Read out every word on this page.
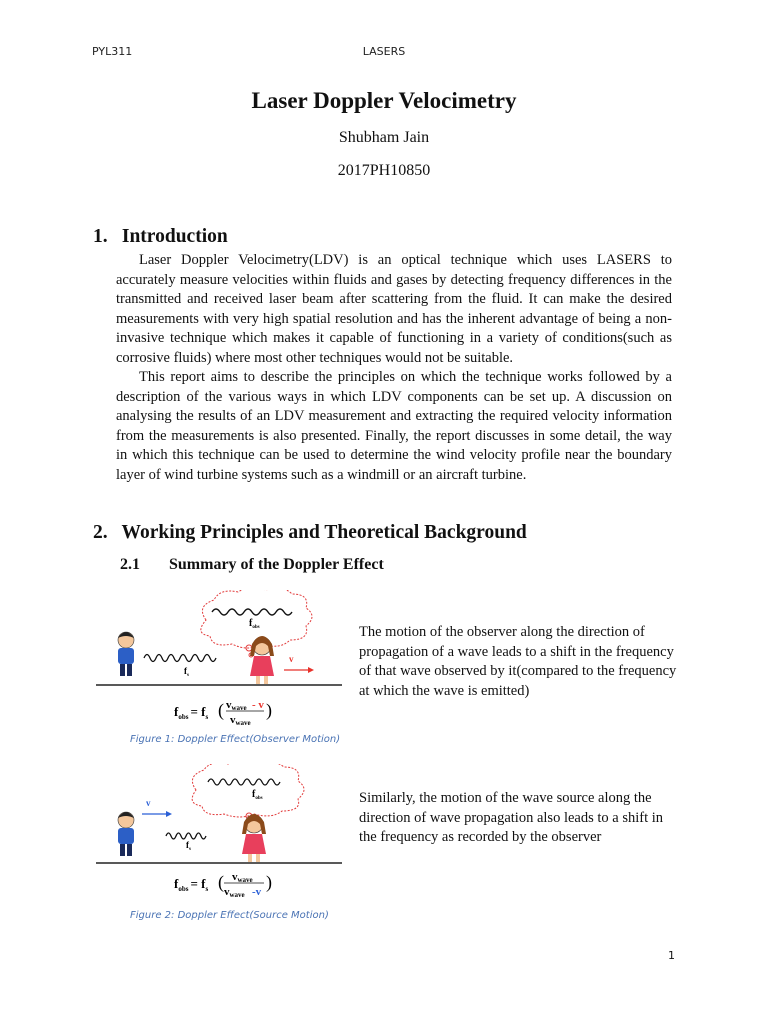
PYL311	LASERS
Laser Doppler Velocimetry
Shubham Jain
2017PH10850
1. Introduction

Laser Doppler Velocimetry(LDV) is an optical technique which uses LASERS to accurately measure velocities within fluids and gases by detecting frequency differences in the transmitted and received laser beam after scattering from the fluid. It can make the desired measurements with very high spatial resolution and has the inherent advantage of being a non-invasive technique which makes it capable of functioning in a variety of conditions(such as corrosive fluids) where most other techniques would not be suitable.

This report aims to describe the principles on which the technique works followed by a description of the various ways in which LDV components can be set up. A discussion on analysing the results of an LDV measurement and extracting the required velocity information from the measurements is also presented. Finally, the report discusses in some detail, the way in which this technique can be used to determine the wind velocity profile near the boundary layer of wind turbine systems such as a windmill or an aircraft turbine.

2. Working Principles and Theoretical Background
2.1 Summary of the Doppler Effect
$f_{obs}$
$f_s$
v
$f_{obs} = f_s$ ( vwave - v
vwave
)
Figure 1: Doppler Effect(Observer Motion)

The motion of the observer along the direction of propagation of a wave leads to a shift in the frequency of that wave observed by it(compared to the frequency at which the wave is emitted)

$f_{obs}$
v
$f_s$
$f_{obs} = f_s$ ( vwave
vwave -v )
Figure 2: Doppler Effect(Source Motion)

Similarly, the motion of the wave source along the direction of wave propagation also leads to a shift in the frequency as recorded by the observer

1
